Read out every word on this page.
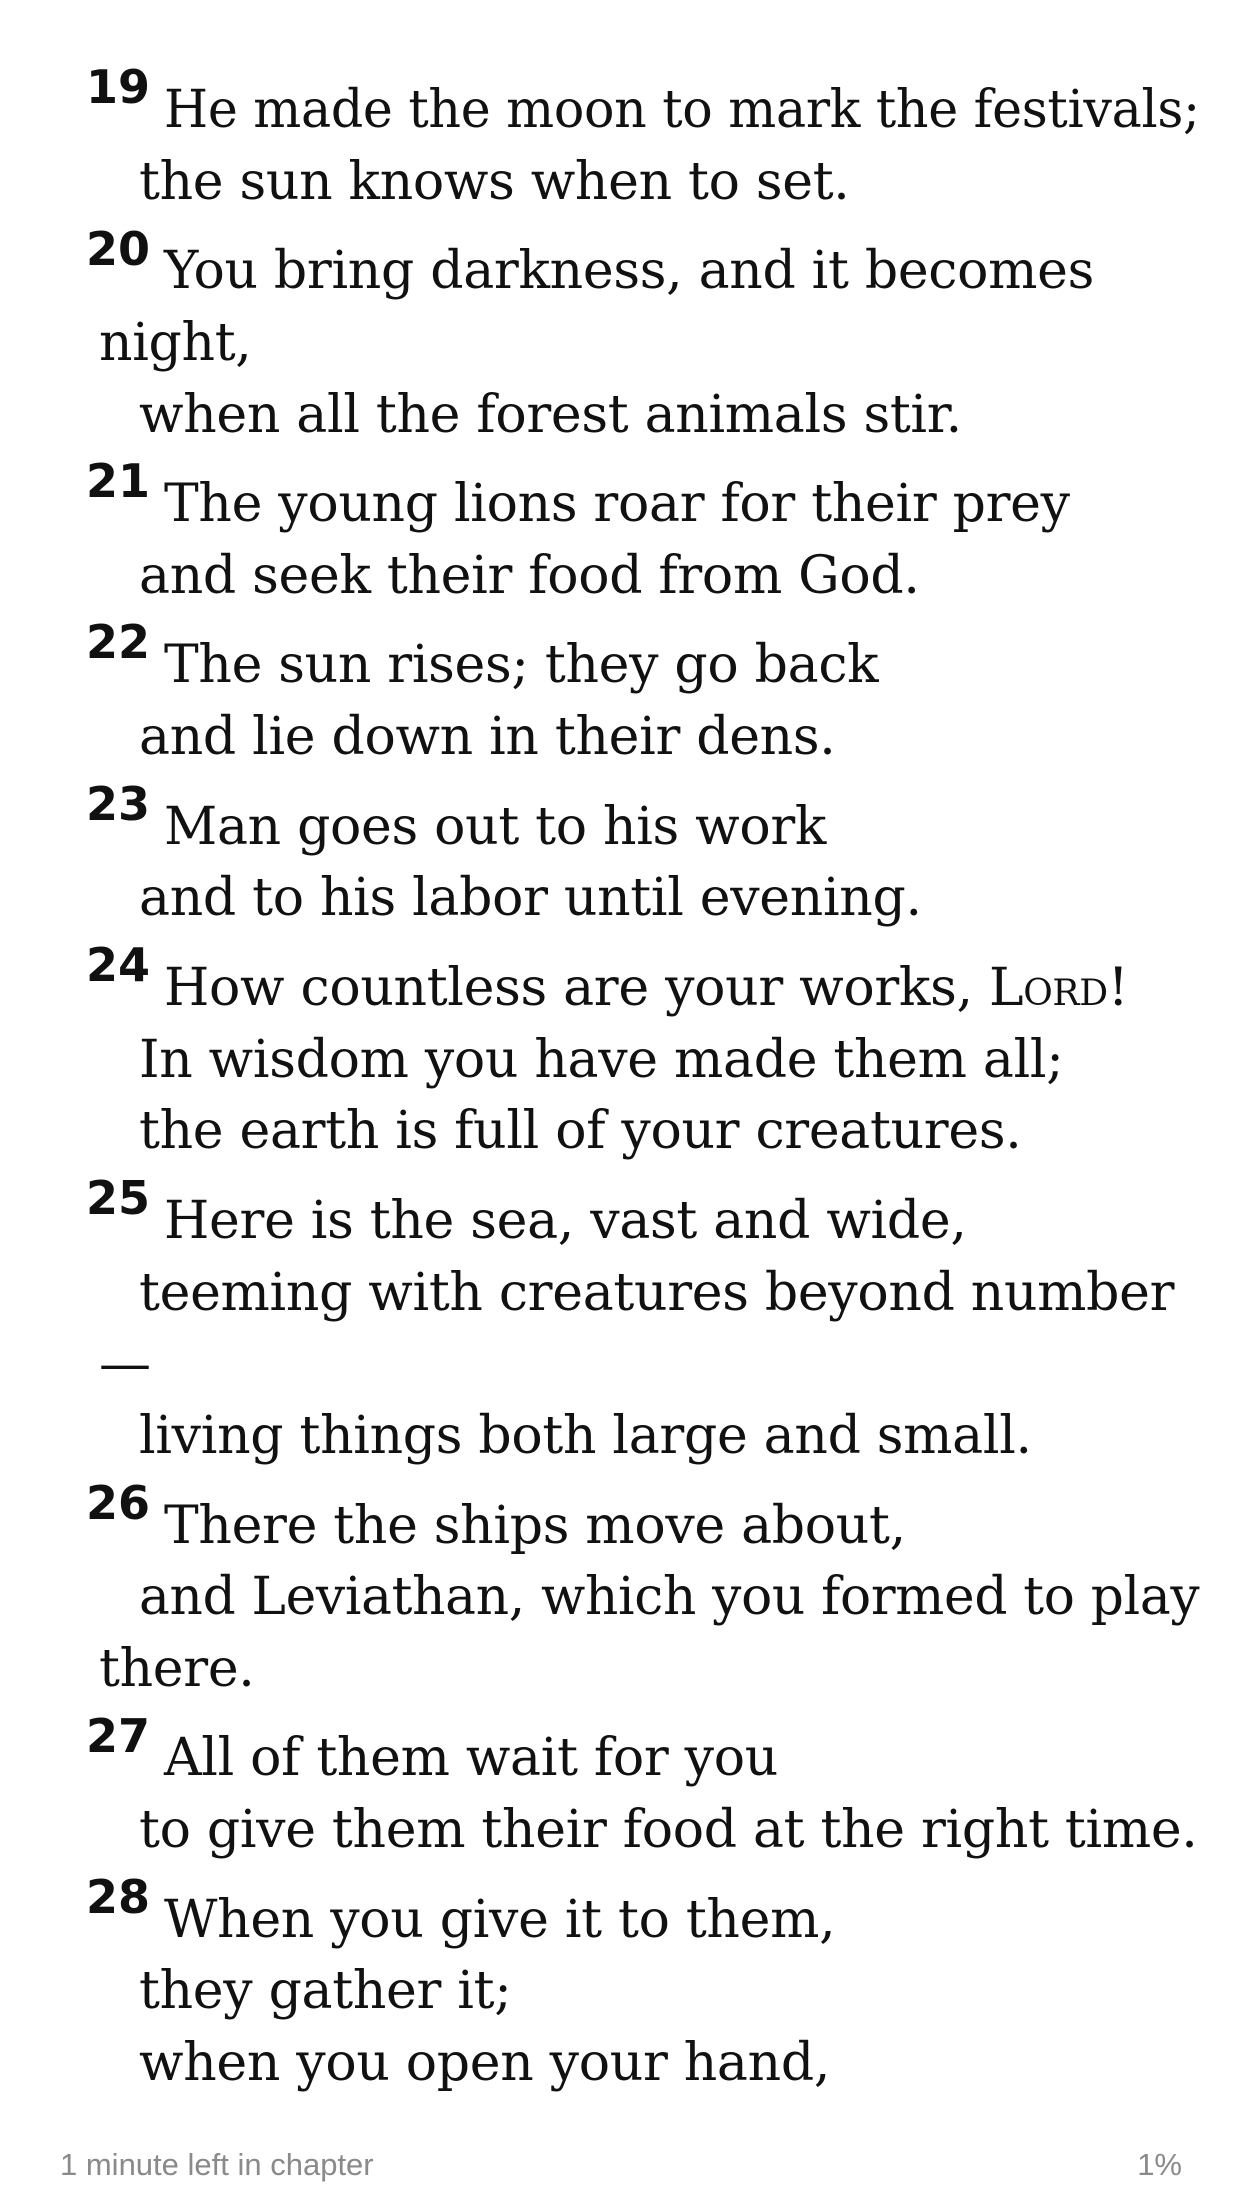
19 He made the moon to mark the festivals;
the sun knows when to set.
20 You bring darkness, and it becomes
night,
when all the forest animals stir.
21 The young lions roar for their prey
and seek their food from God.
22 The sun rises; they go back
and lie down in their dens.
23 Man goes out to his work
and to his labor until evening.
24 How countless are your works, Lord!
In wisdom you have made them all;
the earth is full of your creatures.
25 Here is the sea, vast and wide,
teeming with creatures beyond number
—
living things both large and small.
26 There the ships move about,
and Leviathan, which you formed to play
there.
27 All of them wait for you
to give them their food at the right time.
28 When you give it to them,
they gather it;
when you open your hand,
1 minute left in chapter	1%
